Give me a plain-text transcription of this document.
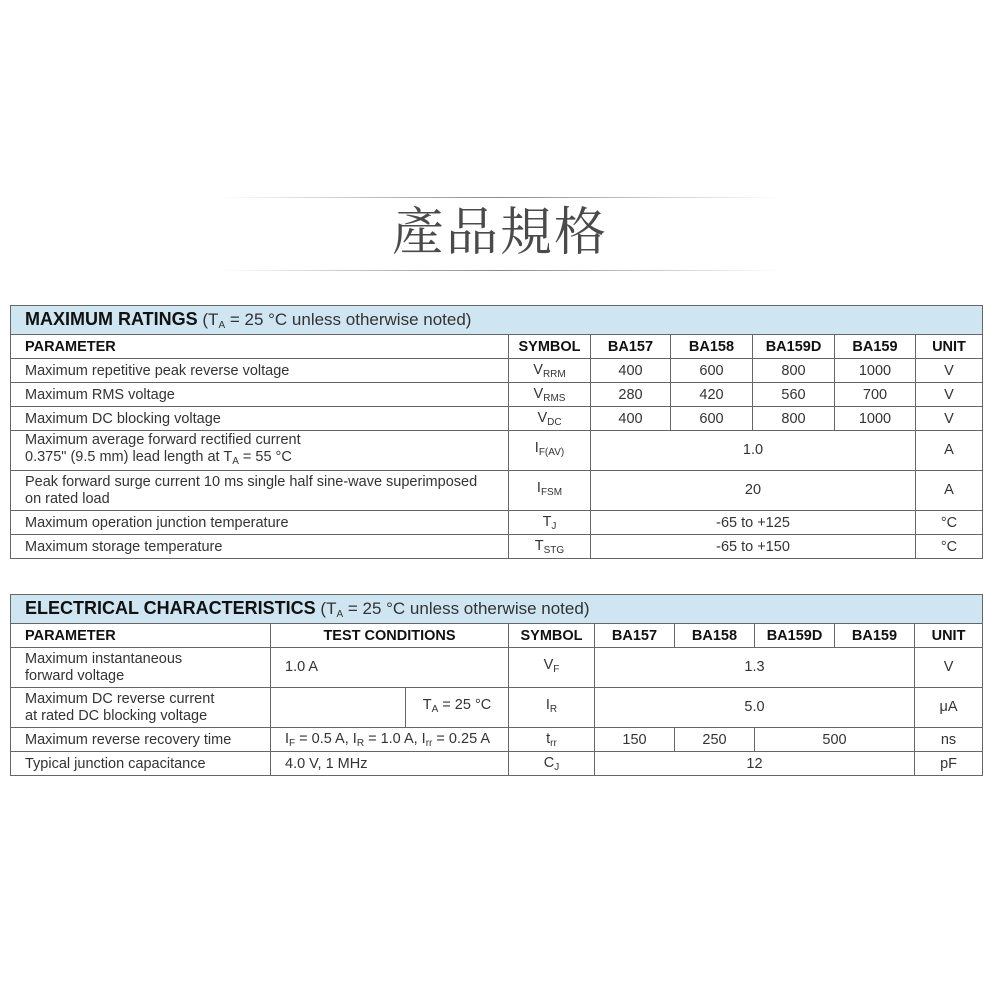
產品規格
MAXIMUM RATINGS ($T_A = 25$ °C unless otherwise noted)						
PARAMETER	SYMBOL	BA157	BA158	BA159D	BA159	UNIT
Maximum repetitive peak reverse voltage	$V_{RRM}$	400	600	800	1000	V
Maximum RMS voltage	$V_{RMS}$	280	420	560	700	V
Maximum DC blocking voltage	$V_{DC}$	400	600	800	1000	V
Maximum average forward rectified current
0.375" (9.5 mm) lead length at $T_A = 55$ °C	$I_{F(AV)}$	1.0				A
Peak forward surge current 10 ms single half sine-wave superimposed
on rated load	$I_{FSM}$	20				A
Maximum operation junction temperature	$T_J$	-65 to +125				°C
Maximum storage temperature	$T_{STG}$	-65 to +150				°C
ELECTRICAL CHARACTERISTICS ($T_A = 25$ °C unless otherwise noted)								
PARAMETER	TEST CONDITIONS		SYMBOL	BA157	BA158	BA159D	BA159	UNIT
Maximum instantaneous
forward voltage	1.0 A		$V_F$	1.3				V
Maximum DC reverse current
at rated DC blocking voltage		$T_A = 25$ °C	$I_R$	5.0				μA
Maximum reverse recovery time	$I_F = 0.5$ A, $I_R = 1.0$ A, $I_{rr} = 0.25$ A		$t_{rr}$	150	250	500		ns
Typical junction capacitance	4.0 V, 1 MHz		$C_J$	12				pF
